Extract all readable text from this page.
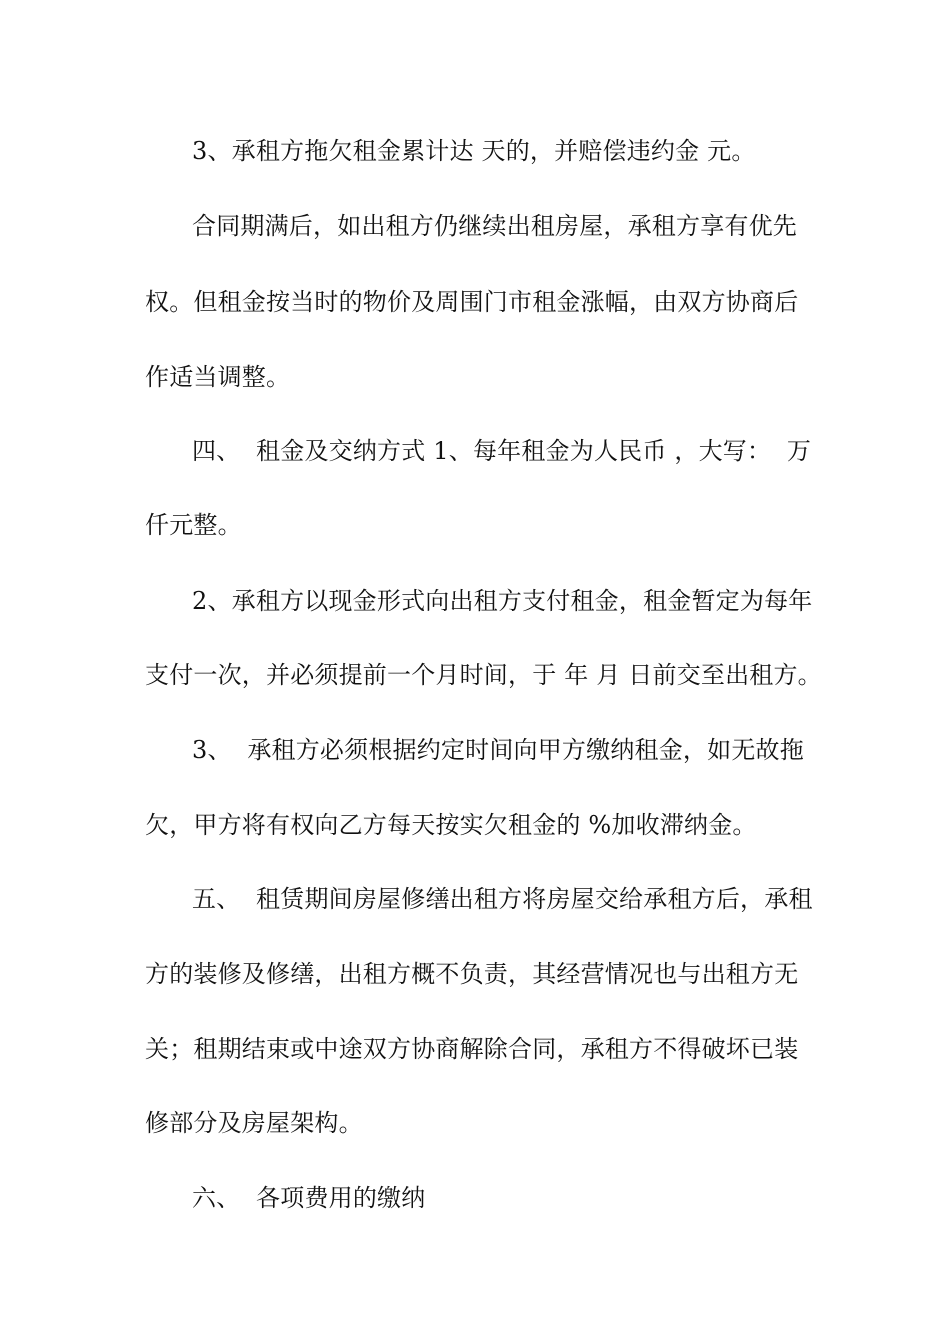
3、承租方拖欠租金累计达 天的，并赔偿违约金 元。
合同期满后，如出租方仍继续出租房屋，承租方享有优先
权。但租金按当时的物价及周围门市租金涨幅，由双方协商后
作适当调整。
四、  租金及交纳方式 1、每年租金为人民币 ，大写：  万
仟元整。
2、承租方以现金形式向出租方支付租金，租金暂定为每年
支付一次，并必须提前一个月时间，于 年 月 日前交至出租方。
3、  承租方必须根据约定时间向甲方缴纳租金，如无故拖
欠，甲方将有权向乙方每天按实欠租金的 %加收滞纳金。
五、  租赁期间房屋修缮出租方将房屋交给承租方后，承租
方的装修及修缮，出租方概不负责，其经营情况也与出租方无
关；租期结束或中途双方协商解除合同，承租方不得破坏已装
修部分及房屋架构。
六、  各项费用的缴纳
